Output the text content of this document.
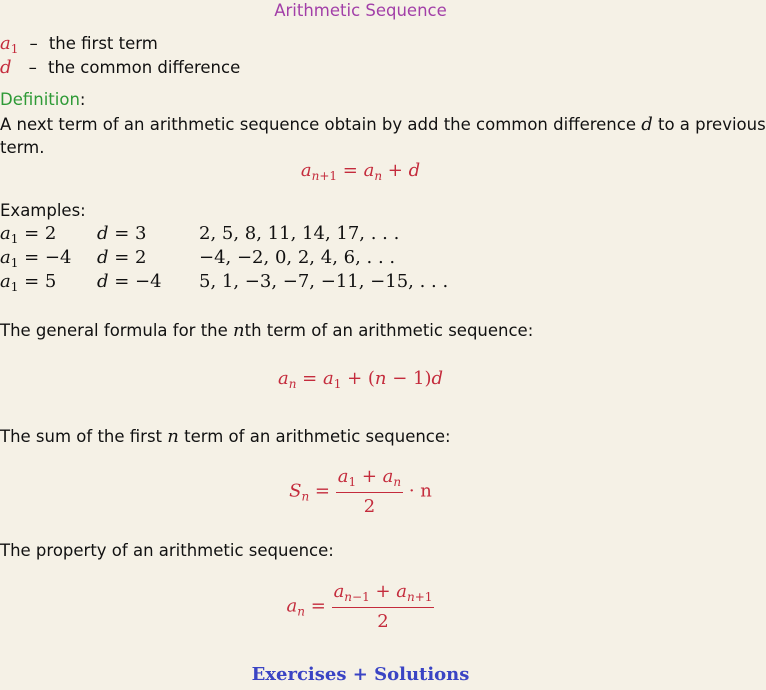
Arithmetic Sequence
$a_1$ – the first term
d – the common difference
Definition:
A next term of an arithmetic sequence obtain by add the common difference d to a previous
term.
$a_{n+1} = a_n + d$
Examples:
$a_1 = 2$ d = 3	2, 5, 8, 11, 14, 17, . . .
$a_1 = -4$ d = 2	−4, −2, 0, 2, 4, 6, . . .
$a_1 = 5$ d = −4 5, 1, −3, −7, −11, −15, . . .
The general formula for the nth term of an arithmetic sequence:
$a_n = a_1 + (n - 1)d$
The sum of the first n term of an arithmetic sequence:
$S_n = \frac{a_1 + a_n}{2} \cdot n$
The property of an arithmetic sequence:
$a_n = \frac{a_{n-1} + a_{n+1}}{2}$
Exercises + Solutions
